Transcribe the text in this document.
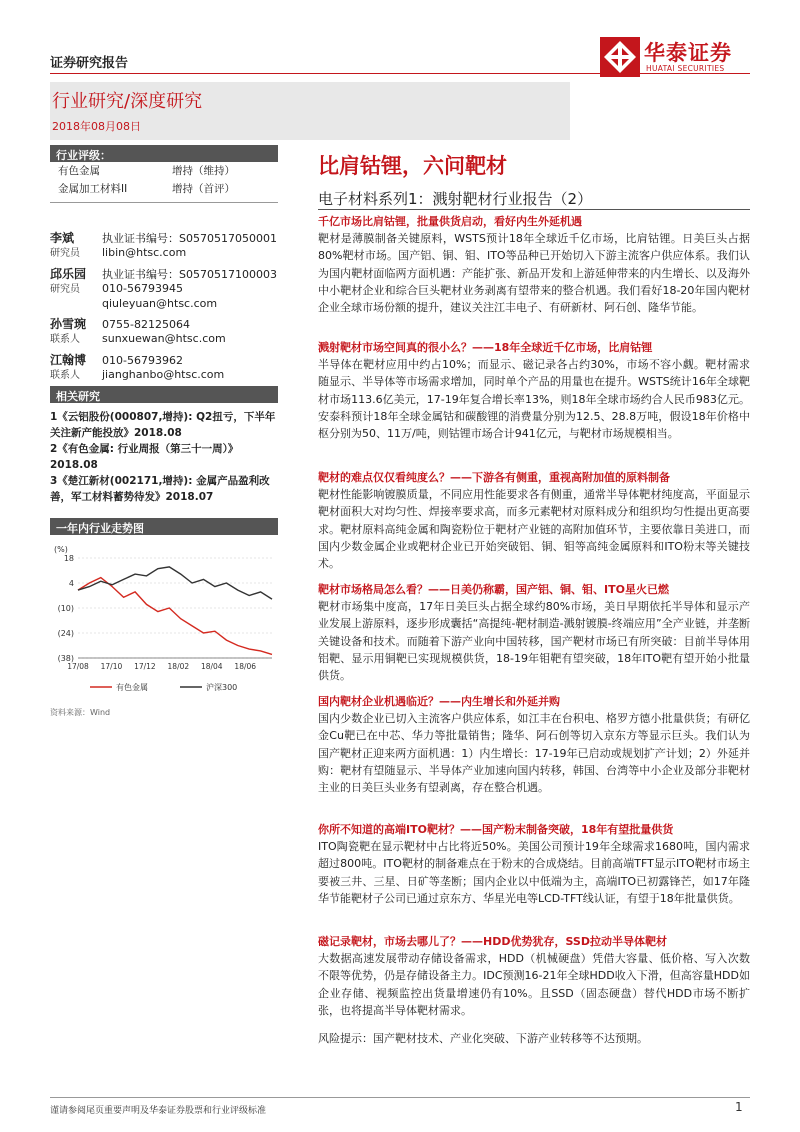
证券研究报告	华泰证券
HUATAI SECURITIES
行业研究/深度研究
2018年08月08日
行业评级：
有色金属	增持（维持）
金属加工材料II	增持（首评）
李斌	执业证书编号：S0570517050001
研究员 libin@htsc.com
邱乐园 执业证书编号：S0570517100003
研究员 010-56793945
qiuleyuan@htsc.com
孙雪琬 0755-82125064
联系人 sunxuewan@htsc.com
江翰博 010-56793962
联系人 jianghanbo@htsc.com
相关研究
1《云铝股份(000807,增持): Q2扭亏，下半年关注新产能投放》2018.08
2《有色金属: 行业周报（第三十一周）》2018.08
3《楚江新材(002171,增持): 金属产品盈利改善，军工材料蓄势待发》2018.07
一年内行业走势图
(%)
18
4
(10)
(24)
(38)
17/08 17/10 17/12 18/02 18/04 18/06
有色金属	沪深300
资料来源：Wind
比肩钴锂，六问靶材
电子材料系列1：溅射靶材行业报告（2）
千亿市场比肩钴锂，批量供货启动，看好内生外延机遇
靶材是薄膜制备关键原料，WSTS预计18年全球近千亿市场，比肩钴锂。日美巨头占据80%靶材市场。国产铝、铜、钼、ITO等品种已开始切入下游主流客户供应体系。我们认为国内靶材面临两方面机遇：产能扩张、新品开发和上游延伸带来的内生增长、以及海外中小靶材企业和综合巨头靶材业务剥离有望带来的整合机遇。我们看好18-20年国内靶材企业全球市场份额的提升，建议关注江丰电子、有研新材、阿石创、隆华节能。
溅射靶材市场空间真的很小么？——18年全球近千亿市场，比肩钴锂
半导体在靶材应用中约占10%；而显示、磁记录各占约30%，市场不容小觑。靶材需求随显示、半导体等市场需求增加，同时单个产品的用量也在提升。WSTS统计16年全球靶材市场113.6亿美元，17-19年复合增长率13%，则18年全球市场约合人民币983亿元。安泰科预计18年全球金属钴和碳酸锂的消费量分别为12.5、28.8万吨，假设18年价格中枢分别为50、11万/吨，则钴锂市场合计941亿元，与靶材市场规模相当。
靶材的难点仅仅看纯度么？——下游各有侧重，重视高附加值的原料制备
靶材性能影响镀膜质量，不同应用性能要求各有侧重，通常半导体靶材纯度高，平面显示靶材面积大对均匀性、焊接率要求高，而多元素靶材对原料成分和组织均匀性提出更高要求。靶材原料高纯金属和陶瓷粉位于靶材产业链的高附加值环节，主要依靠日美进口，而国内少数金属企业或靶材企业已开始突破铝、铜、钼等高纯金属原料和ITO粉末等关键技术。
靶材市场格局怎么看？——日美仍称霸，国产铝、铜、钼、ITO星火已燃
靶材市场集中度高，17年日美巨头占据全球约80%市场，美日早期依托半导体和显示产业发展上游原料，逐步形成囊括“高提纯-靶材制造-溅射镀膜-终端应用”全产业链，并垄断关键设备和技术。而随着下游产业向中国转移，国产靶材市场已有所突破：目前半导体用铝靶、显示用铜靶已实现规模供货，18-19年钼靶有望突破，18年ITO靶有望开始小批量供货。
国内靶材企业机遇临近？——内生增长和外延并购
国内少数企业已切入主流客户供应体系，如江丰在台积电、格罗方德小批量供货；有研亿金Cu靶已在中芯、华力等批量销售；隆华、阿石创等切入京东方等显示巨头。我们认为国产靶材正迎来两方面机遇：1）内生增长：17-19年已启动或规划扩产计划；2）外延并购：靶材有望随显示、半导体产业加速向国内转移，韩国、台湾等中小企业及部分非靶材主业的日美巨头业务有望剥离，存在整合机遇。
你所不知道的高端ITO靶材？——国产粉末制备突破，18年有望批量供货
ITO陶瓷靶在显示靶材中占比将近50%。美国公司预计19年全球需求1680吨，国内需求超过800吨。ITO靶材的制备难点在于粉末的合成烧结。目前高端TFT显示ITO靶材市场主要被三井、三星、日矿等垄断；国内企业以中低端为主，高端ITO已初露锋芒，如17年隆华节能靶材子公司已通过京东方、华星光电等LCD-TFT线认证，有望于18年批量供货。
磁记录靶材，市场去哪儿了？——HDD优势犹存，SSD拉动半导体靶材
大数据高速发展带动存储设备需求，HDD（机械硬盘）凭借大容量、低价格、写入次数不限等优势，仍是存储设备主力。IDC预测16-21年全球HDD收入下滑，但高容量HDD如企业存储、视频监控出货量增速仍有10%。且SSD（固态硬盘）替代HDD市场不断扩张，也将提高半导体靶材需求。
风险提示：国产靶材技术、产业化突破、下游产业转移等不达预期。
谨请参阅尾页重要声明及华泰证券股票和行业评级标准	1
